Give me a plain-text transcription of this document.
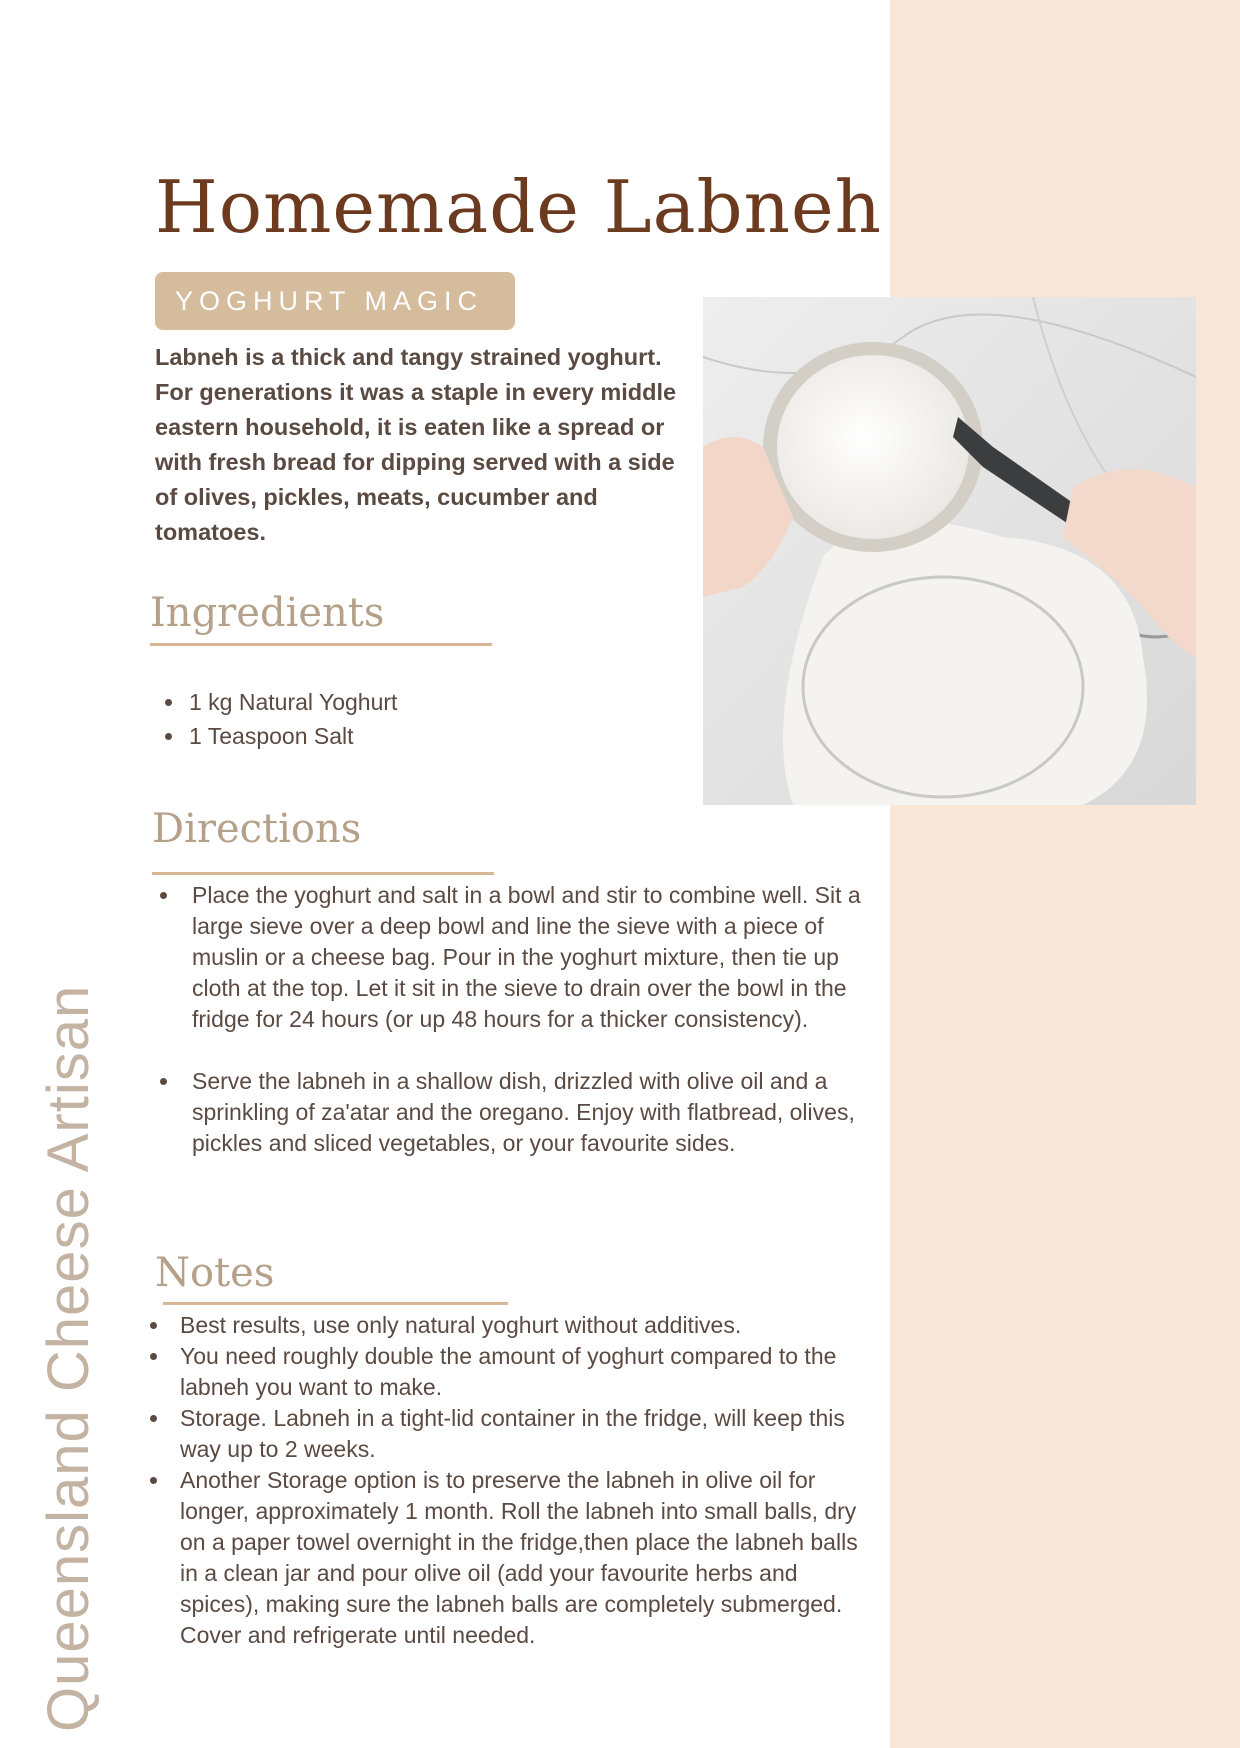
Homemade Labneh
YOGHURT MAGIC

Labneh is a thick and tangy strained yoghurt. For generations it was a staple in every middle eastern household, it is eaten like a spread or with fresh bread for dipping served with a side of olives, pickles, meats, cucumber and tomatoes.

Ingredients
1 kg Natural Yoghurt
1 Teaspoon Salt
Directions
Place the yoghurt and salt in a bowl and stir to combine well. Sit a large sieve over a deep bowl and line the sieve with a piece of muslin or a cheese bag. Pour in the yoghurt mixture, then tie up cloth at the top. Let it sit in the sieve to drain over the bowl in the fridge for 24 hours (or up 48 hours for a thicker consistency).
Serve the labneh in a shallow dish, drizzled with olive oil and a sprinkling of za'atar and the oregano. Enjoy with flatbread, olives, pickles and sliced vegetables, or your favourite sides.
Notes
Best results, use only natural yoghurt without additives.
You need roughly double the amount of yoghurt compared to the labneh you want to make.
Storage. Labneh in a tight-lid container in the fridge, will keep this way up to 2 weeks.
Another Storage option is to preserve the labneh in olive oil for longer, approximately 1 month. Roll the labneh into small balls, dry on a paper towel overnight in the fridge,then place the labneh balls in a clean jar and pour olive oil (add your favourite herbs and spices), making sure the labneh balls are completely submerged. Cover and refrigerate until needed.
Queensland Cheese Artisan
